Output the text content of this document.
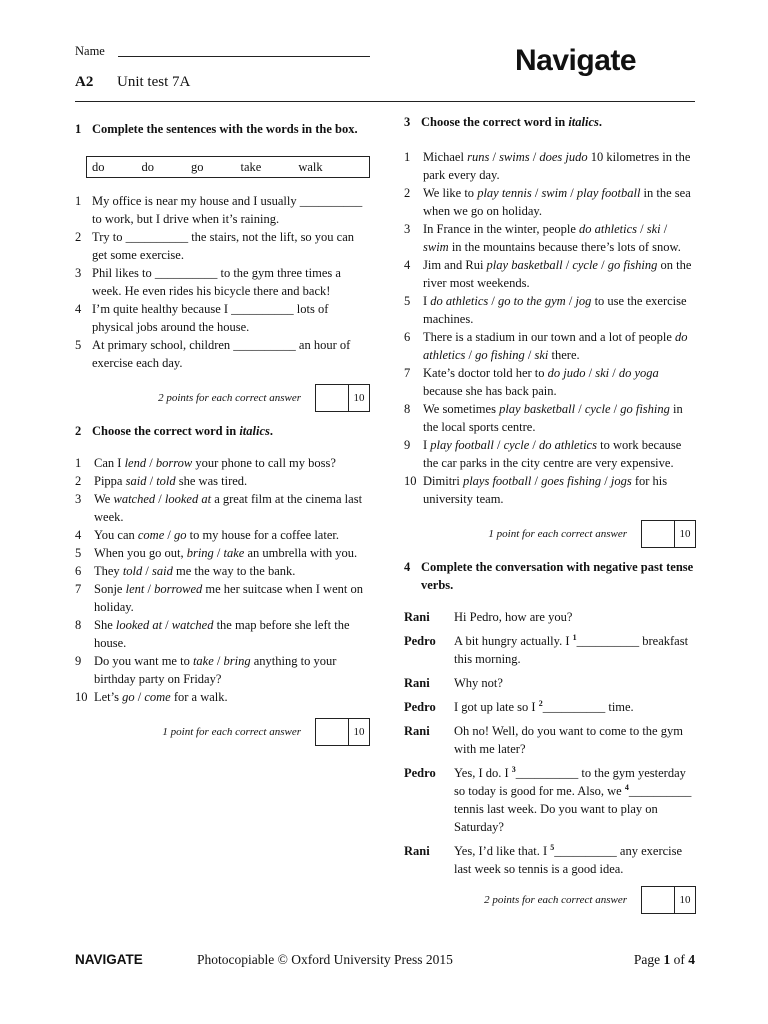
Name
A2 Unit test 7A
Navigate
1 Complete the sentences with the words in the box.
do	do	go	take	walk
1 My office is near my house and I usually __________ to work, but I drive when it’s raining.
2 Try to __________ the stairs, not the lift, so you can get some exercise.
3 Phil likes to __________ to the gym three times a week. He even rides his bicycle there and back!
4 I’m quite healthy because I __________ lots of physical jobs around the house.
5 At primary school, children __________ an hour of exercise each day.
2 points for each correct answer	10
2 Choose the correct word in italics.
1	Can I lend / borrow your phone to call my boss?
2	Pippa said / told she was tired.
3	We watched / looked at a great film at the cinema last week.
4	You can come / go to my house for a coffee later.
5	When you go out, bring / take an umbrella with you.
6	They told / said me the way to the bank.
7	Sonje lent / borrowed me her suitcase when I went on holiday.
8	She looked at / watched the map before she left the house.
9	Do you want me to take / bring anything to your birthday party on Friday?
10 Let’s go / come for a walk.
1 point for each correct answer	10
3 Choose the correct word in italics.
1	Michael runs / swims / does judo 10 kilometres in the park every day.
2	We like to play tennis / swim / play football in the sea when we go on holiday.
3	In France in the winter, people do athletics / ski / swim in the mountains because there’s lots of snow.
4	Jim and Rui play basketball / cycle / go fishing on the river most weekends.
5	I do athletics / go to the gym / jog to use the exercise machines.
6	There is a stadium in our town and a lot of people do athletics / go fishing / ski there.
7	Kate’s doctor told her to do judo / ski / do yoga because she has back pain.
8	We sometimes play basketball / cycle / go fishing in the local sports centre.
9	I play football / cycle / do athletics to work because the car parks in the city centre are very expensive.
10 Dimitri plays football / goes fishing / jogs for his university team.
1 point for each correct answer	10
4 Complete the conversation with negative past tense verbs.
Rani	Hi Pedro, how are you?
Pedro	A bit hungry actually. I $^1$__________ breakfast this morning.
Rani	Why not?
Pedro	I got up late so I $^2$__________ time.
Rani	Oh no! Well, do you want to come to the gym with me later?
Pedro	Yes, I do. I $^3$__________ to the gym yesterday so today is good for me. Also, we $^4$__________ tennis last week. Do you want to play on Saturday?
Rani	Yes, I’d like that. I $^5$__________ any exercise last week so tennis is a good idea.
2 points for each correct answer	10
NAVIGATE	Photocopiable © Oxford University Press 2015	Page 1 of 4
